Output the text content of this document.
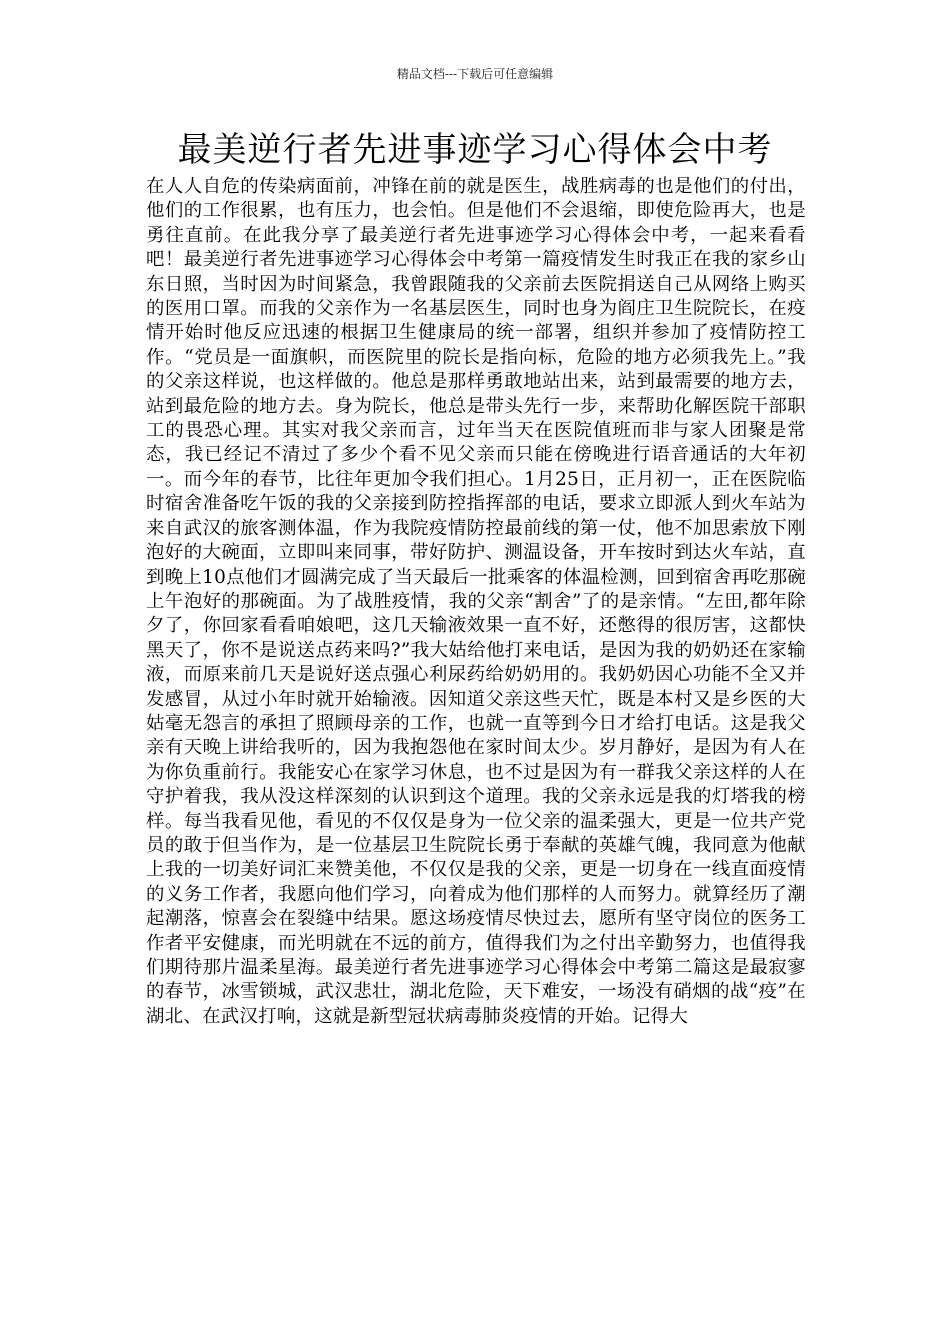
精品文档---下载后可任意编辑
最美逆行者先进事迹学习心得体会中考

在人人自危的传染病面前，冲锋在前的就是医生，战胜病毒的也是他们的付出，他们的工作很累，也有压力，也会怕。但是他们不会退缩，即使危险再大，也是勇往直前。在此我分享了最美逆行者先进事迹学习心得体会中考，一起来看看吧！最美逆行者先进事迹学习心得体会中考第一篇疫情发生时我正在我的家乡山东日照，当时因为时间紧急，我曾跟随我的父亲前去医院捐送自己从网络上购买的医用口罩。而我的父亲作为一名基层医生，同时也身为阎庄卫生院院长，在疫情开始时他反应迅速的根据卫生健康局的统一部署，组织并参加了疫情防控工作。“党员是一面旗帜，而医院里的院长是指向标，危险的地方必须我先上。”我的父亲这样说，也这样做的。他总是那样勇敢地站出来，站到最需要的地方去，站到最危险的地方去。身为院长，他总是带头先行一步，来帮助化解医院干部职工的畏恐心理。其实对我父亲而言，过年当天在医院值班而非与家人团聚是常态，我已经记不清过了多少个看不见父亲而只能在傍晚进行语音通话的大年初一。而今年的春节，比往年更加令我们担心。1月25日，正月初一，正在医院临时宿舍准备吃午饭的我的父亲接到防控指挥部的电话，要求立即派人到火车站为来自武汉的旅客测体温，作为我院疫情防控最前线的第一仗，他不加思索放下刚泡好的大碗面，立即叫来同事，带好防护、测温设备，开车按时到达火车站，直到晚上10点他们才圆满完成了当天最后一批乘客的体温检测，回到宿舍再吃那碗上午泡好的那碗面。为了战胜疫情，我的父亲“割舍”了的是亲情。“左田,都年除夕了，你回家看看咱娘吧，这几天输液效果一直不好，还憋得的很厉害，这都快黑天了，你不是说送点药来吗?”我大姑给他打来电话，是因为我的奶奶还在家输液，而原来前几天是说好送点强心利尿药给奶奶用的。我奶奶因心功能不全又并发感冒，从过小年时就开始输液。因知道父亲这些天忙，既是本村又是乡医的大姑毫无怨言的承担了照顾母亲的工作，也就一直等到今日才给打电话。这是我父亲有天晚上讲给我听的，因为我抱怨他在家时间太少。岁月静好，是因为有人在为你负重前行。我能安心在家学习休息，也不过是因为有一群我父亲这样的人在守护着我，我从没这样深刻的认识到这个道理。我的父亲永远是我的灯塔我的榜样。每当我看见他，看见的不仅仅是身为一位父亲的温柔强大，更是一位共产党员的敢于但当作为，是一位基层卫生院院长勇于奉献的英雄气魄，我同意为他献上我的一切美好词汇来赞美他，不仅仅是我的父亲，更是一切身在一线直面疫情的义务工作者，我愿向他们学习，向着成为他们那样的人而努力。就算经历了潮起潮落，惊喜会在裂缝中结果。愿这场疫情尽快过去，愿所有坚守岗位的医务工作者平安健康，而光明就在不远的前方，值得我们为之付出辛勤努力，也值得我们期待那片温柔星海。最美逆行者先进事迹学习心得体会中考第二篇这是最寂寥的春节，冰雪锁城，武汉悲壮，湖北危险，天下难安，一场没有硝烟的战“疫”在湖北、在武汉打响，这就是新型冠状病毒肺炎疫情的开始。记得大
